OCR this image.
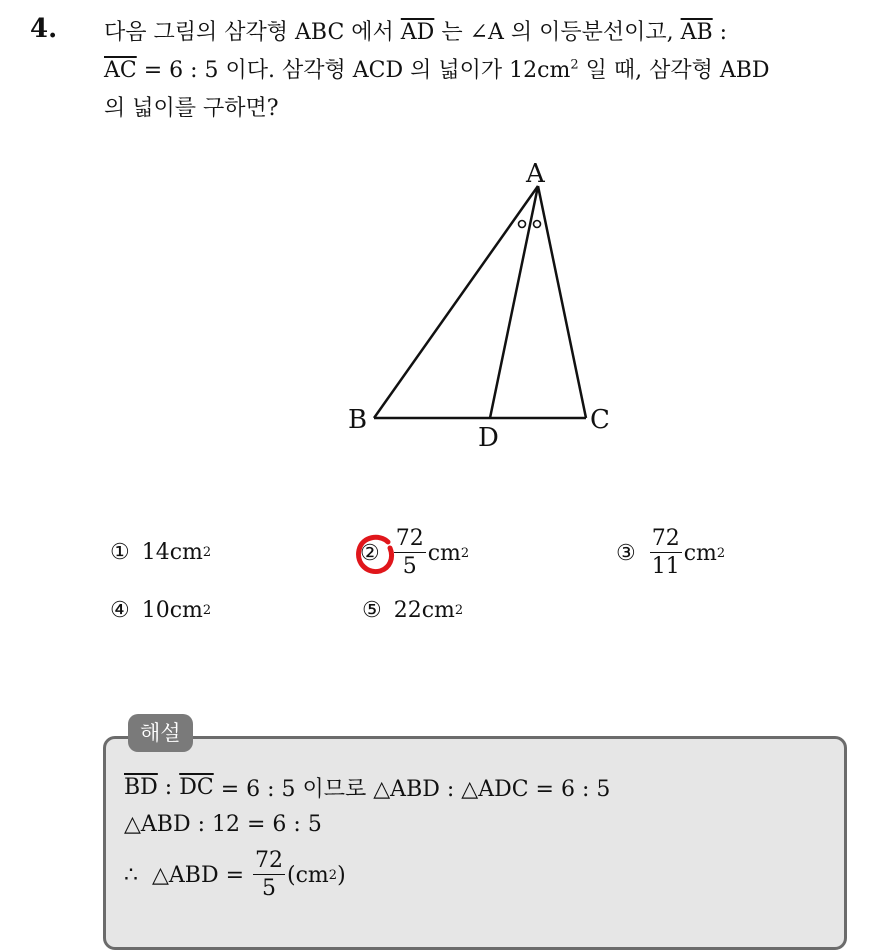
4. 다음 그림의 삼각형 ABC 에서 $\overline{AD}$ 는 ∠A 의 이등분선이고, $\overline{AB}$ :
$\overline{AC} = 6$ : 5 이다. 삼각형 ACD 의 넓이가 $12cm^2$ 일 때, 삼각형 ABD
의 넓이를 구하면?
A
B	C
D
① 14cm 2	② $\frac{72}{5}$ cm 2	③ $\frac{72}{11}$ cm 2
④ 10cm 2	⑤ 22cm 2
해설
$\overline{BD}$ : $\overline{DC} = 6$ : 5 이므로 △ABD : △ADC = 6 : 5
△ABD : 12 = 6 : 5
∴  △ABD = $\frac{72}{5} (cm$ 2 )
